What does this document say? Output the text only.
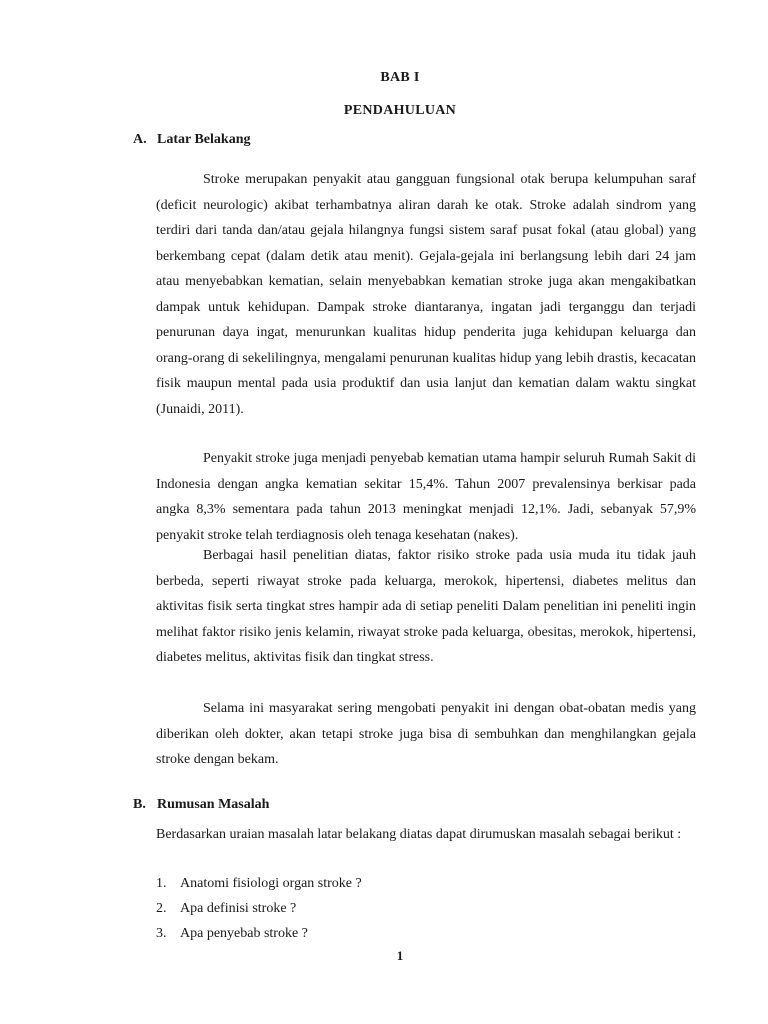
BAB I
PENDAHULUAN
A. Latar Belakang

Stroke merupakan penyakit atau gangguan fungsional otak berupa kelumpuhan saraf (deficit neurologic) akibat terhambatnya aliran darah ke otak. Stroke adalah sindrom yang terdiri dari tanda dan/atau gejala hilangnya fungsi sistem saraf pusat fokal (atau global) yang berkembang cepat (dalam detik atau menit). Gejala-gejala ini berlangsung lebih dari 24 jam atau menyebabkan kematian, selain menyebabkan kematian stroke juga akan mengakibatkan dampak untuk kehidupan. Dampak stroke diantaranya, ingatan jadi terganggu dan terjadi penurunan daya ingat, menurunkan kualitas hidup penderita juga kehidupan keluarga dan orang-orang di sekelilingnya, mengalami penurunan kualitas hidup yang lebih drastis, kecacatan fisik maupun mental pada usia produktif dan usia lanjut dan kematian dalam waktu singkat (Junaidi, 2011).

Penyakit stroke juga menjadi penyebab kematian utama hampir seluruh Rumah Sakit di Indonesia dengan angka kematian sekitar 15,4%. Tahun 2007 prevalensinya berkisar pada angka 8,3% sementara pada tahun 2013 meningkat menjadi 12,1%. Jadi, sebanyak 57,9% penyakit stroke telah terdiagnosis oleh tenaga kesehatan (nakes).

Berbagai hasil penelitian diatas, faktor risiko stroke pada usia muda itu tidak jauh berbeda, seperti riwayat stroke pada keluarga, merokok, hipertensi, diabetes melitus dan aktivitas fisik serta tingkat stres hampir ada di setiap peneliti Dalam penelitian ini peneliti ingin melihat faktor risiko jenis kelamin, riwayat stroke pada keluarga, obesitas, merokok, hipertensi, diabetes melitus, aktivitas fisik dan tingkat stress.

Selama ini masyarakat sering mengobati penyakit ini dengan obat-obatan medis yang diberikan oleh dokter, akan tetapi stroke juga bisa di sembuhkan dan menghilangkan gejala stroke dengan bekam.

B. Rumusan Masalah

Berdasarkan uraian masalah latar belakang diatas dapat dirumuskan masalah sebagai berikut :

1. Anatomi fisiologi organ stroke ?
2. Apa definisi stroke ?
3. Apa penyebab stroke ?
1
